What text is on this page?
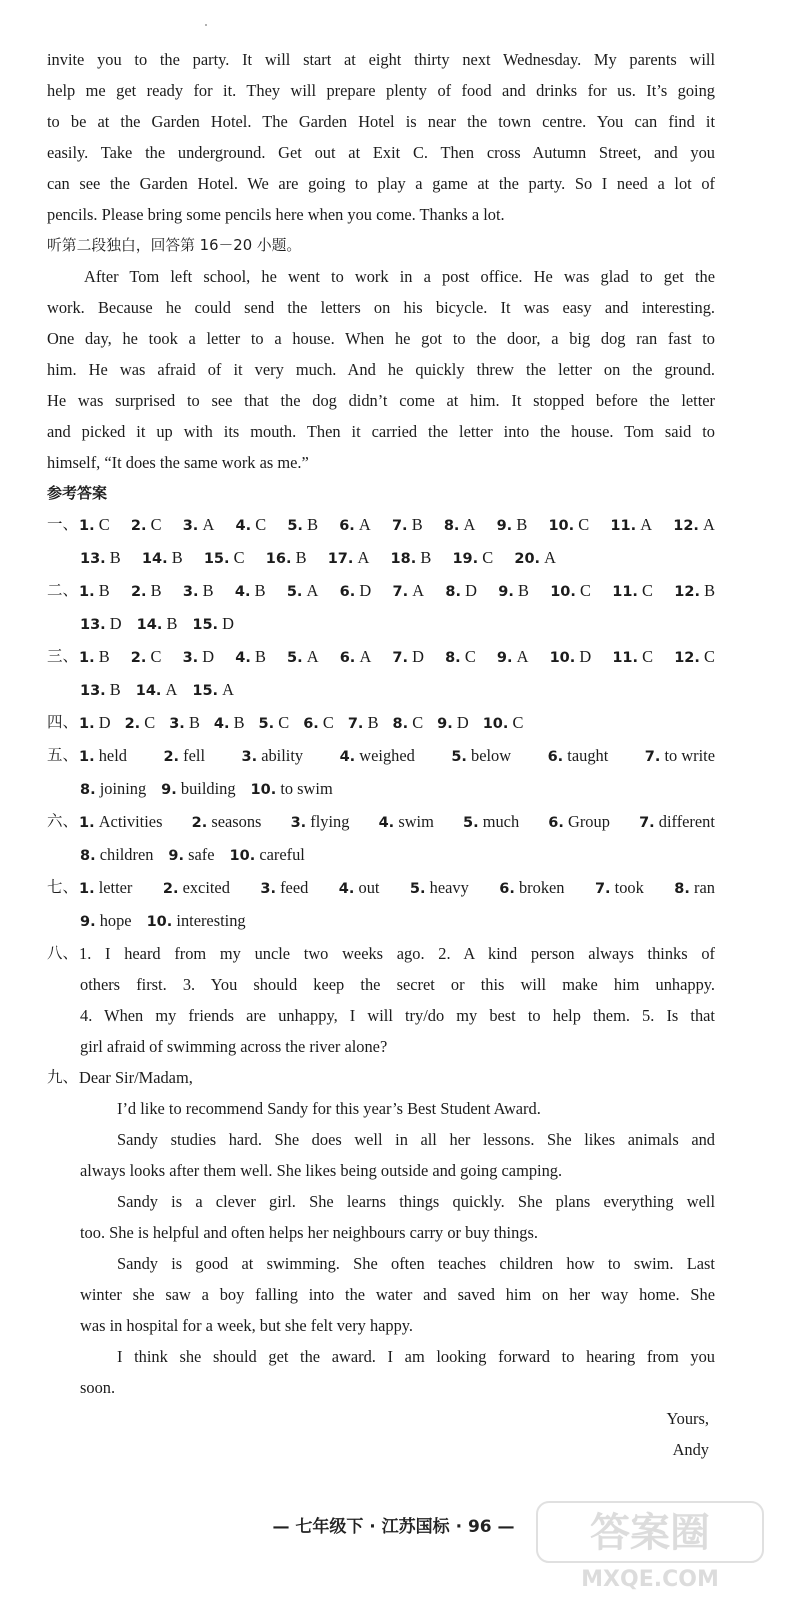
invite you to the party. It will start at eight thirty next Wednesday. My parents will
help me get ready for it. They will prepare plenty of food and drinks for us. It’s going
to be at the Garden Hotel. The Garden Hotel is near the town centre. You can find it
easily. Take the underground. Get out at Exit C. Then cross Autumn Street, and you
can see the Garden Hotel. We are going to play a game at the party. So I need a lot of
pencils. Please bring some pencils here when you come. Thanks a lot.
听第二段独白，回答第 16－20 小题。
After Tom left school, he went to work in a post office. He was glad to get the
work. Because he could send the letters on his bicycle. It was easy and interesting.
One day, he took a letter to a house. When he got to the door, a big dog ran fast to
him. He was afraid of it very much. And he quickly threw the letter on the ground.
He was surprised to see that the dog didn’t come at him. It stopped before the letter
and picked it up with its mouth. Then it carried the letter into the house. Tom said to
himself, “It does the same work as me.”
参考答案
一、 1. C 2. C 3. A 4. C 5. B 6. A 7. B 8. A 9. B 10. C 11. A 12. A
13. B 14. B 15. C 16. B 17. A 18. B 19. C 20. A
二、 1. B 2. B 3. B 4. B 5. A 6. D 7. A 8. D 9. B 10. C 11. C 12. B
13. D 14. B 15. D
三、 1. B 2. C 3. D 4. B 5. A 6. A 7. D 8. C 9. A 10. D 11. C 12. C
13. B 14. A 15. A
四、 1. D 2. C 3. B 4. B 5. C 6. C 7. B 8. C 9. D 10. C
五、 1. held	2. fell	3. ability	4. weighed	5. below	6. taught	7. to write
8. joining 9. building 10. to swim
六、 1. Activities 2. seasons 3. flying 4. swim 5. much 6. Group 7. different
8. children 9. safe 10. careful
七、 1. letter 2. excited 3. feed 4. out 5. heavy 6. broken 7. took 8. ran
9. hope 10. interesting
八、 1. I heard from my uncle two weeks ago. 2. A kind person always thinks of
others first. 3. You should keep the secret or this will make him unhappy.
4. When my friends are unhappy, I will try/do my best to help them. 5. Is that
girl afraid of swimming across the river alone?
九、 Dear Sir/Madam,
I’d like to recommend Sandy for this year’s Best Student Award.
Sandy studies hard. She does well in all her lessons. She likes animals and
always looks after them well. She likes being outside and going camping.
Sandy is a clever girl. She learns things quickly. She plans everything well
too. She is helpful and often helps her neighbours carry or buy things.
Sandy is good at swimming. She often teaches children how to swim. Last
winter she saw a boy falling into the water and saved him on her way home. She
was in hospital for a week, but she felt very happy.
I think she should get the award. I am looking forward to hearing from you
soon.
Yours,
Andy
— 七年级下 · 江苏国标 · 96 —	答案圈
MXQE.COM
